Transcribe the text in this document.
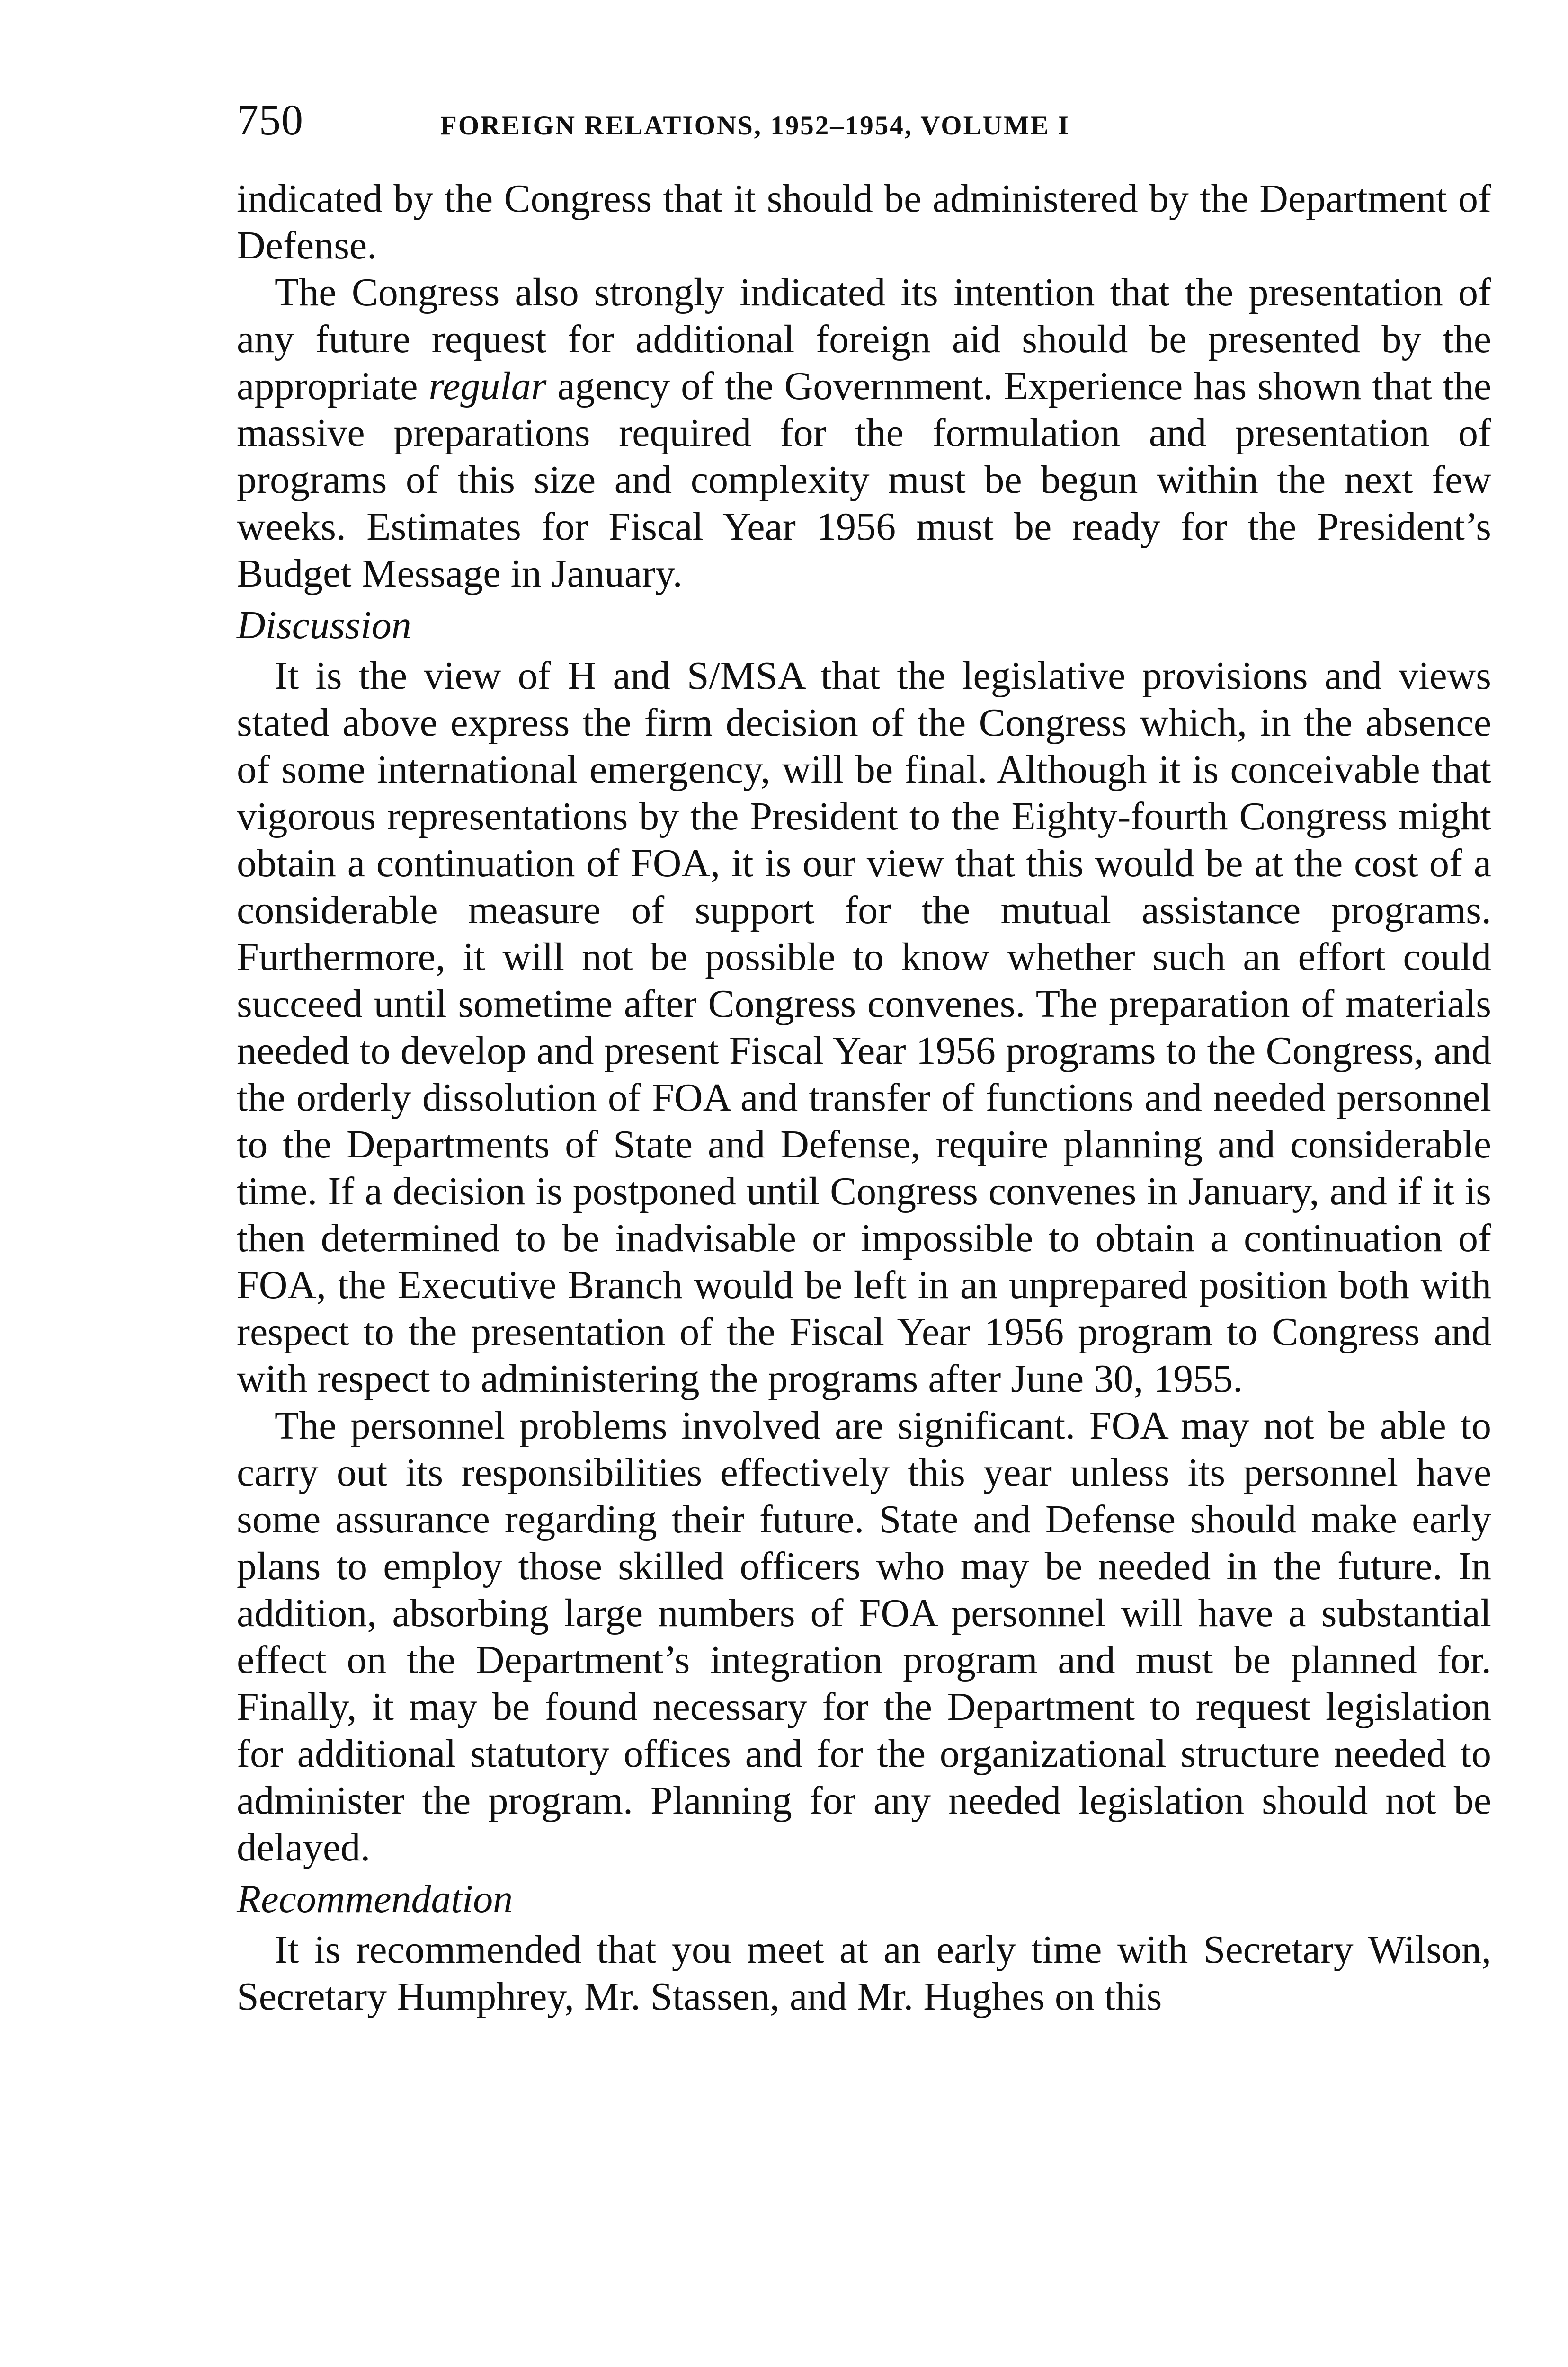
750	FOREIGN RELATIONS, 1952–1954, VOLUME I

indicated by the Congress that it should be administered by the Department of Defense.

The Congress also strongly indicated its intention that the presentation of any future request for additional foreign aid should be presented by the appropriate regular agency of the Government. Experience has shown that the massive preparations required for the formulation and presentation of programs of this size and complexity must be begun within the next few weeks. Estimates for Fiscal Year 1956 must be ready for the President’s Budget Message in January.

Discussion

It is the view of H and S/MSA that the legislative provisions and views stated above express the firm decision of the Congress which, in the absence of some international emergency, will be final. Although it is conceivable that vigorous representations by the President to the Eighty-fourth Congress might obtain a continuation of FOA, it is our view that this would be at the cost of a considerable measure of support for the mutual assistance programs. Furthermore, it will not be possible to know whether such an effort could succeed until sometime after Congress convenes. The preparation of materials needed to develop and present Fiscal Year 1956 programs to the Congress, and the orderly dissolution of FOA and transfer of functions and needed personnel to the Departments of State and Defense, require planning and considerable time. If a decision is postponed until Congress convenes in January, and if it is then determined to be inadvisable or impossible to obtain a continuation of FOA, the Executive Branch would be left in an unprepared position both with respect to the presentation of the Fiscal Year 1956 program to Congress and with respect to administering the programs after June 30, 1955.

The personnel problems involved are significant. FOA may not be able to carry out its responsibilities effectively this year unless its personnel have some assurance regarding their future. State and Defense should make early plans to employ those skilled officers who may be needed in the future. In addition, absorbing large numbers of FOA personnel will have a substantial effect on the Department’s integration program and must be planned for. Finally, it may be found necessary for the Department to request legislation for additional statutory offices and for the organizational structure needed to administer the program. Planning for any needed legislation should not be delayed.

Recommendation

It is recommended that you meet at an early time with Secretary Wilson, Secretary Humphrey, Mr. Stassen, and Mr. Hughes on this
